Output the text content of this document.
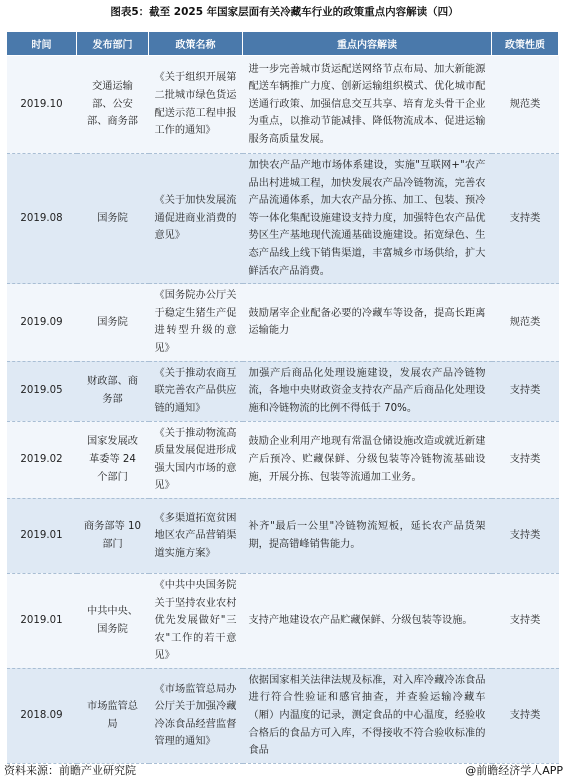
图表5：截至 2025 年国家层面有关冷藏车行业的政策重点内容解读（四）
时间	发布部门	政策名称	重点内容解读	政策性质
2019.10	交通运输部、公安部、商务部	《关于组织开展第二批城市绿色货运配送示范工程申报工作的通知》	进一步完善城市货运配送网络节点布局、加大新能源配送车辆推广力度、创新运输组织模式、优化城市配送通行政策、加强信息交互共享、培育龙头骨干企业为重点，以推动节能减排、降低物流成本、促进运输服务高质量发展。	规范类
2019.08	国务院	《关于加快发展流通促进商业消费的意见》	加快农产品产地市场体系建设，实施"互联网+"农产品出村进城工程，加快发展农产品冷链物流，完善农产品流通体系，加大农产品分拣、加工、包装、预冷等一体化集配设施建设支持力度，加强特色农产品优势区生产基地现代流通基础设施建设。拓宽绿色、生态产品线上线下销售渠道，丰富城乡市场供给，扩大鲜活农产品消费。	支持类
2019.09	国务院	《国务院办公厅关于稳定生猪生产促进转型升级的意见》	鼓励屠宰企业配备必要的冷藏车等设备，提高长距离运输能力	规范类
2019.05	财政部、商务部	《关于推动农商互联完善农产品供应链的通知》	加强产后商品化处理设施建设，发展农产品冷链物流，各地中央财政资金支持农产品产后商品化处理设施和冷链物流的比例不得低于 70%。	支持类
2019.02	国家发展改革委等 24 个部门	《关于推动物流高质量发展促进形成强大国内市场的意见》	鼓励企业利用产地现有常温仓储设施改造或就近新建产后预冷、贮藏保鲜、分级包装等冷链物流基础设施，开展分拣、包装等流通加工业务。	支持类
2019.01	商务部等 10 部门	《多渠道拓宽贫困地区农产品营销渠道实施方案》	补齐"最后一公里"冷链物流短板，延长农产品货架期，提高错峰销售能力。	支持类
2019.01	中共中央、国务院	《中共中央国务院关于坚持农业农村优先发展做好"三农"工作的若干意见》	支持产地建设农产品贮藏保鲜、分级包装等设施。	支持类
2018.09	市场监管总局	《市场监管总局办公厅关于加强冷藏冷冻食品经营监督管理的通知》	依据国家相关法律法规及标准，对入库冷藏冷冻食品进行符合性验证和感官抽查，并查验运输冷藏车（厢）内温度的记录，测定食品的中心温度，经验收合格后的食品方可入库，不得接收不符合验收标准的食品	支持类
资料来源：前瞻产业研究院	@前瞻经济学人APP
